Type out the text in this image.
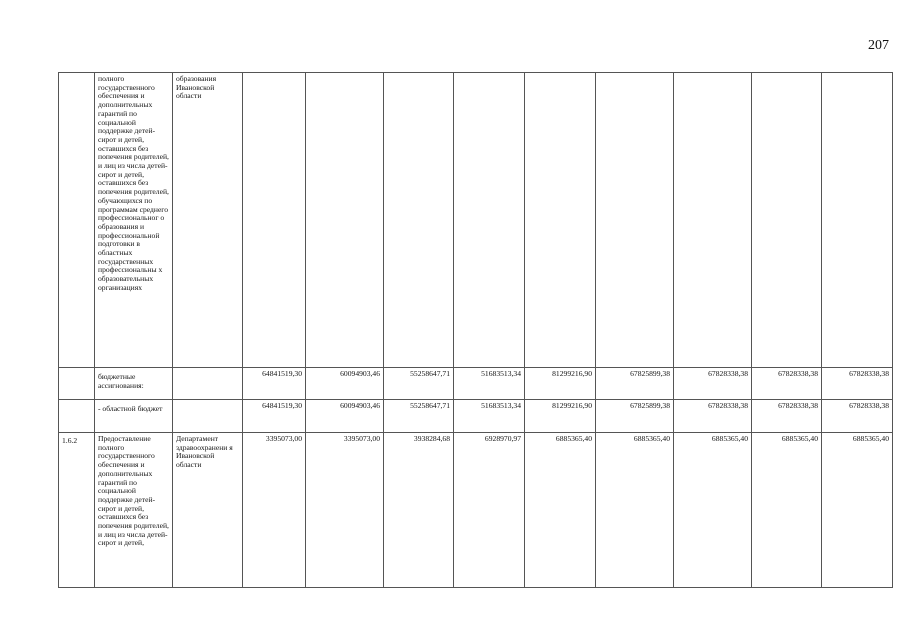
207
	полного государственного обеспечения и дополнительных гарантий по социальной поддержке детей-сирот и детей, оставшихся без попечения родителей, и лиц из числа детей-сирот и детей, оставшихся без попечения родителей, обучающихся по программам среднего профессиональног о образования и профессиональной подготовки в областных государственных профессиональны х образовательных организациях	образования Ивановской области									
	бюджетные ассигнования:		64841519,30	60094903,46	55258647,71	51683513,34	81299216,90	67825899,38	67828338,38	67828338,38	67828338,38
	- областной бюджет		64841519,30	60094903,46	55258647,71	51683513,34	81299216,90	67825899,38	67828338,38	67828338,38	67828338,38
1.6.2	Предоставление полного государственного обеспечения и дополнительных гарантий по социальной поддержке детей-сирот и детей, оставшихся без попечения родителей, и лиц из числа детей-сирот и детей,	Департамент здравоохранени я Ивановской области	3395073,00	3395073,00	3938284,68	6928970,97	6885365,40	6885365,40	6885365,40	6885365,40	6885365,40
